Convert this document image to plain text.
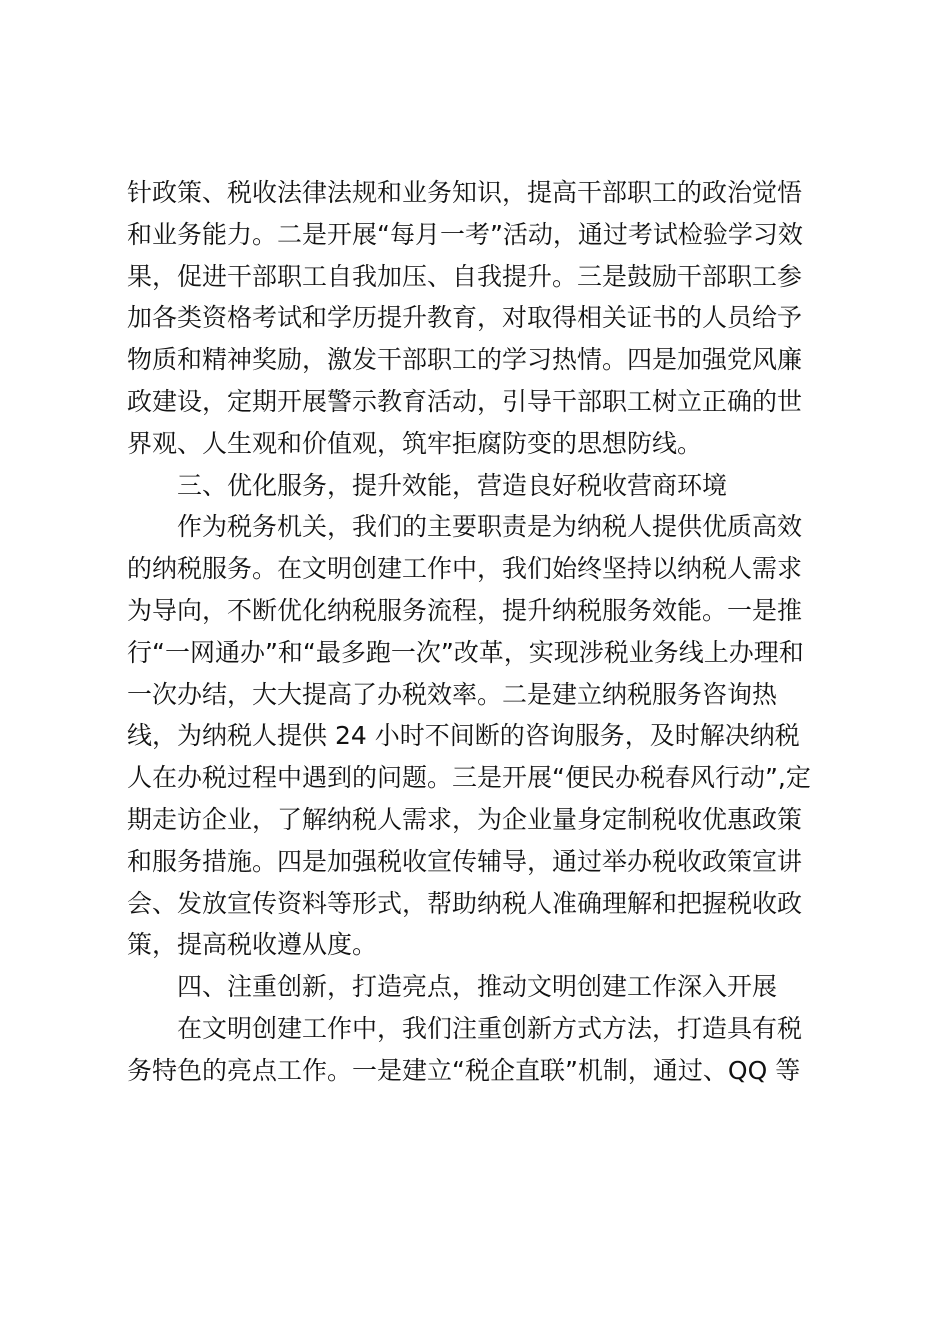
针政策、税收法律法规和业务知识，提高干部职工的政治觉悟
和业务能力。二是开展“每月一考”活动，通过考试检验学习效
果，促进干部职工自我加压、自我提升。三是鼓励干部职工参
加各类资格考试和学历提升教育，对取得相关证书的人员给予
物质和精神奖励，激发干部职工的学习热情。四是加强党风廉
政建设，定期开展警示教育活动，引导干部职工树立正确的世
界观、人生观和价值观，筑牢拒腐防变的思想防线。
三、优化服务，提升效能，营造良好税收营商环境
作为税务机关，我们的主要职责是为纳税人提供优质高效
的纳税服务。在文明创建工作中，我们始终坚持以纳税人需求
为导向，不断优化纳税服务流程，提升纳税服务效能。一是推
行“一网通办”和“最多跑一次”改革，实现涉税业务线上办理和
一次办结，大大提高了办税效率。二是建立纳税服务咨询热
线，为纳税人提供 24 小时不间断的咨询服务，及时解决纳税
人在办税过程中遇到的问题。三是开展“便民办税春风行动”,定
期走访企业，了解纳税人需求，为企业量身定制税收优惠政策
和服务措施。四是加强税收宣传辅导，通过举办税收政策宣讲
会、发放宣传资料等形式，帮助纳税人准确理解和把握税收政
策，提高税收遵从度。
四、注重创新，打造亮点，推动文明创建工作深入开展
在文明创建工作中，我们注重创新方式方法，打造具有税
务特色的亮点工作。一是建立“税企直联”机制，通过、QQ 等
